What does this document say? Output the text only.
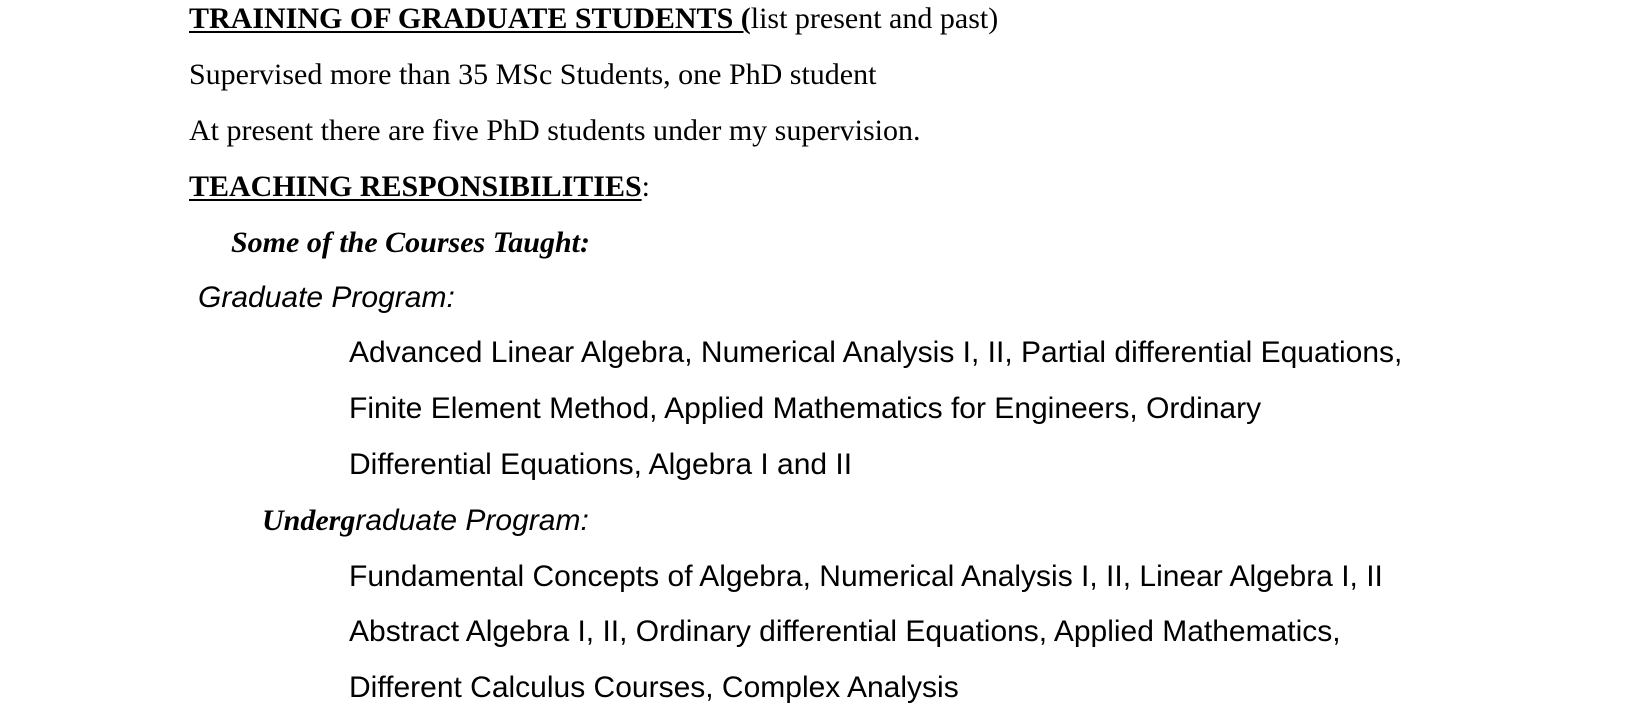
TRAINING OF GRADUATE STUDENTS (list present and past)
Supervised more than 35 MSc Students, one PhD student
At present there are five PhD students under my supervision.
TEACHING RESPONSIBILITIES:
Some of the Courses Taught:
Graduate Program:
Advanced Linear Algebra, Numerical Analysis I, II, Partial differential Equations,
Finite Element Method, Applied Mathematics for Engineers, Ordinary
Differential Equations, Algebra I and II
Undergraduate Program:
Fundamental Concepts of Algebra, Numerical Analysis I, II, Linear Algebra I, II
Abstract Algebra I, II, Ordinary differential Equations, Applied Mathematics,
Different Calculus Courses, Complex Analysis
